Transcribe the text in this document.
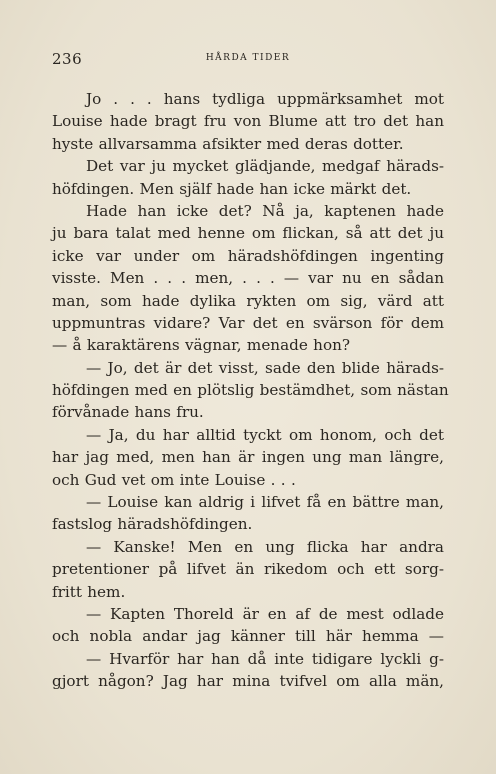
236	HÅRDA TIDER
Jo . . . hans tydliga uppmärksamhet mot
Louise hade bragt fru von Blume att tro det han
hyste allvarsamma afsikter med deras dotter.
Det var ju mycket glädjande, medgaf härads-
höfdingen. Men själf hade han icke märkt det.
Hade han icke det? Nå ja, kaptenen hade
ju bara talat med henne om flickan, så att det ju
icke var under om häradshöfdingen ingenting
visste. Men . . . men, . . . — var nu en sådan
man, som hade dylika rykten om sig, värd att
uppmuntras vidare? Var det en svärson för dem
— å karaktärens vägnar, menade hon?
— Jo, det är det visst, sade den blide härads-
höfdingen med en plötslig bestämdhet, som nästan
förvånade hans fru.
— Ja, du har alltid tyckt om honom, och det
har jag med, men han är ingen ung man längre,
och Gud vet om inte Louise . . .
— Louise kan aldrig i lifvet få en bättre man,
fastslog häradshöfdingen.
— Kanske! Men en ung flicka har andra
pretentioner på lifvet än rikedom och ett sorg-
fritt hem.
— Kapten Thoreld är en af de mest odlade
och nobla andar jag känner till här hemma —
— Hvarför har han då inte tidigare lyckli g-
gjort någon? Jag har mina tvifvel om alla män,
